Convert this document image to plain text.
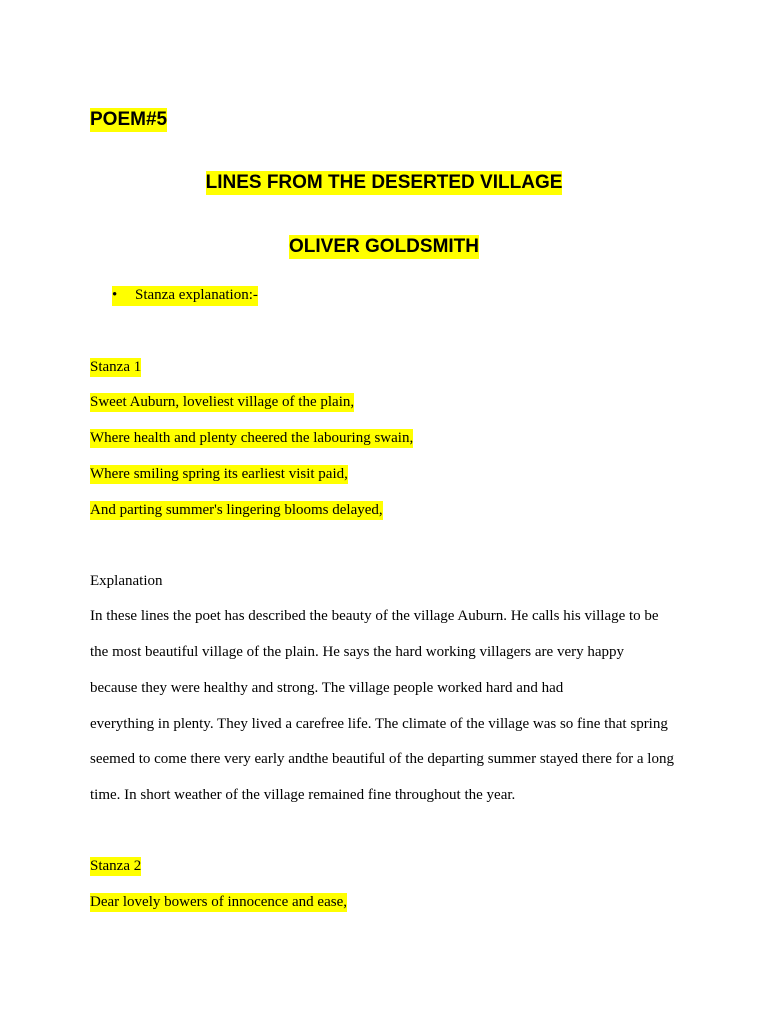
POEM#5
LINES FROM THE DESERTED VILLAGE
OLIVER GOLDSMITH
• Stanza explanation:-
Stanza 1
Sweet Auburn, loveliest village of the plain,
Where health and plenty cheered the labouring swain,
Where smiling spring its earliest visit paid,
And parting summer's lingering blooms delayed,
Explanation
In these lines the poet has described the beauty of the village Auburn. He calls his village to be
the most beautiful village of the plain. He says the hard working villagers are very happy
because they were healthy and strong. The village people worked hard and had
everything in plenty. They lived a carefree life. The climate of the village was so fine that spring
seemed to come there very early andthe beautiful of the departing summer stayed there for a long
time. In short weather of the village remained fine throughout the year.
Stanza 2
Dear lovely bowers of innocence and ease,
